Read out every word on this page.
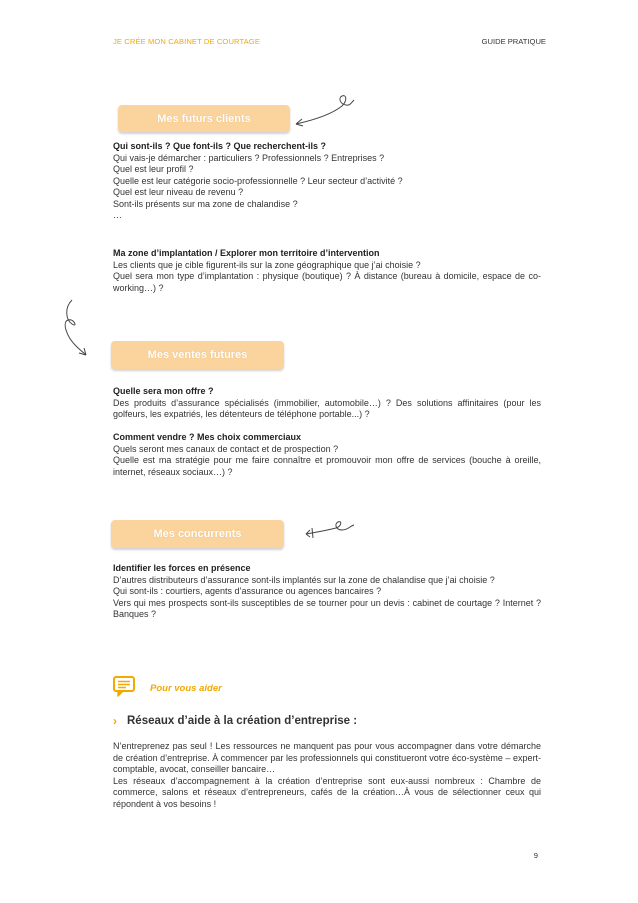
JE CRÉE MON CABINET DE COURTAGE	GUIDE PRATIQUE
Mes futurs clients

Qui sont-ils ? Que font-ils ? Que recherchent-ils ?

Qui vais-je démarcher : particuliers ? Professionnels ? Entreprises ?

Quel est leur profil ?

Quelle est leur catégorie socio-professionnelle ? Leur secteur d’activité ?

Quel est leur niveau de revenu ?

Sont-ils présents sur ma zone de chalandise ?

…

Ma zone d’implantation / Explorer mon territoire d’intervention

Les clients que je cible figurent-ils sur la zone géographique que j’ai choisie ?

Quel sera mon type d’implantation : physique (boutique) ? À distance (bureau à domicile, espace de co-working…) ?

Mes ventes futures

Quelle sera mon offre ?

Des produits d’assurance spécialisés (immobilier, automobile…) ? Des solutions affinitaires (pour les golfeurs, les expatriés, les détenteurs de téléphone portable...) ?

Comment vendre ? Mes choix commerciaux

Quels seront mes canaux de contact et de prospection ?

Quelle est ma stratégie pour me faire connaître et promouvoir mon offre de services (bouche à oreille, internet, réseaux sociaux…) ?

Mes concurrents

Identifier les forces en présence

D’autres distributeurs d’assurance sont-ils implantés sur la zone de chalandise que j’ai choisie ?

Qui sont-ils : courtiers, agents d’assurance ou agences bancaires ?

Vers qui mes prospects sont-ils susceptibles de se tourner pour un devis : cabinet de courtage ? Internet ? Banques ?

Pour vous aider
› Réseaux d’aide à la création d’entreprise :

N’entreprenez pas seul ! Les ressources ne manquent pas pour vous accompagner dans votre démarche de création d’entreprise. À commencer par les professionnels qui constitueront votre éco-système – expert-comptable, avocat, conseiller bancaire…

Les réseaux d’accompagnement à la création d’entreprise sont eux-aussi nombreux : Chambre de commerce, salons et réseaux d’entrepreneurs, cafés de la création…À vous de sélectionner ceux qui répondent à vos besoins !

9
